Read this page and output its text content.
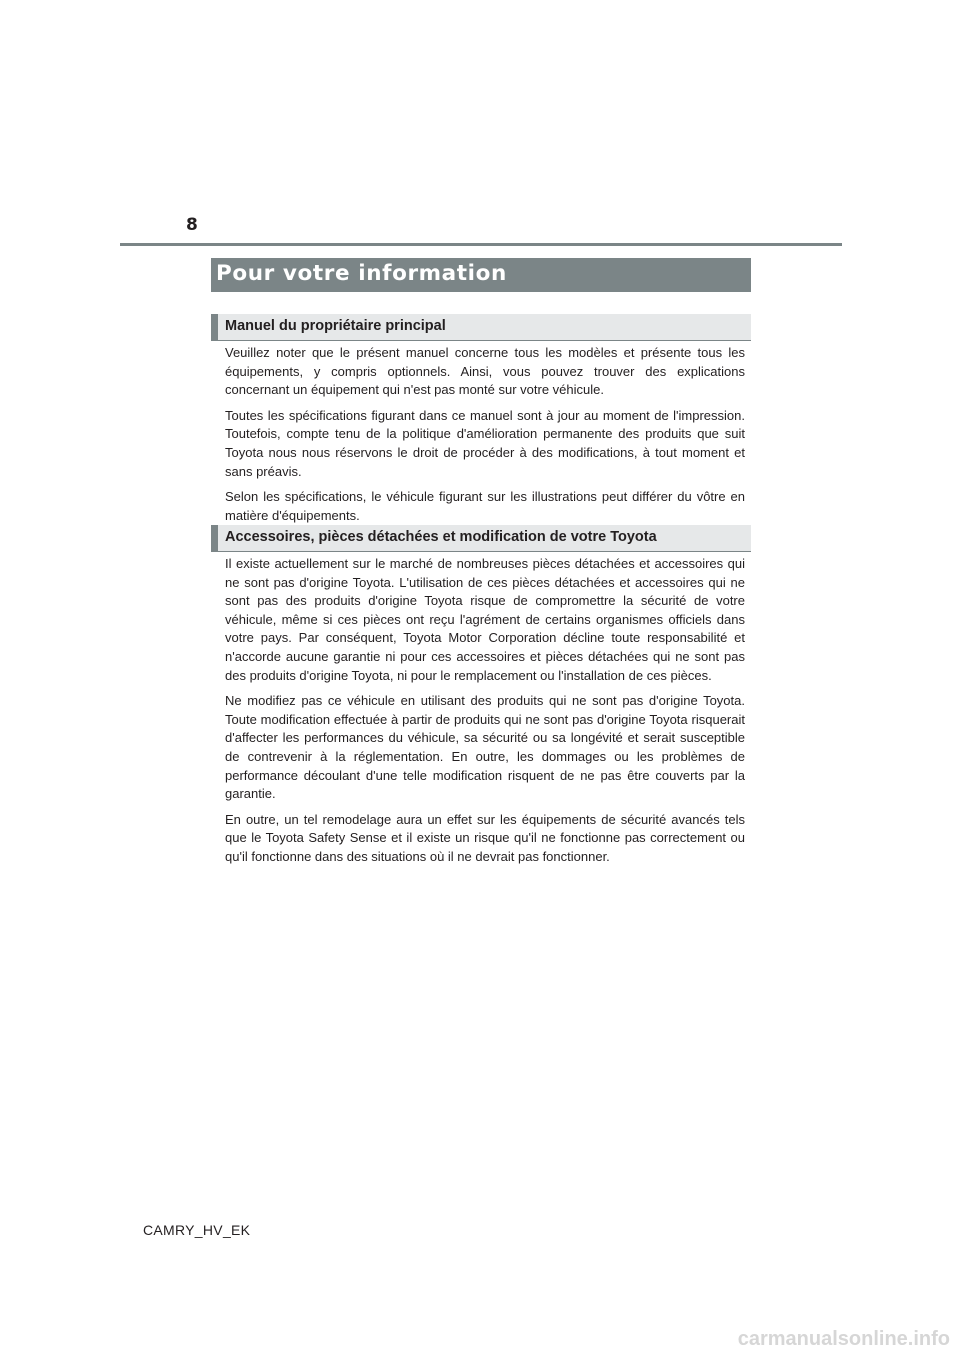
8
Pour votre information
Manuel du propriétaire principal

Veuillez noter que le présent manuel concerne tous les modèles et présente tous les équipements, y compris optionnels. Ainsi, vous pouvez trouver des explications concernant un équipement qui n'est pas monté sur votre véhicule.

Toutes les spécifications figurant dans ce manuel sont à jour au moment de l'impression. Toutefois, compte tenu de la politique d'amélioration permanente des produits que suit Toyota nous nous réservons le droit de procéder à des modifications, à tout moment et sans préavis.

Selon les spécifications, le véhicule figurant sur les illustrations peut différer du vôtre en matière d'équipements.

Accessoires, pièces détachées et modification de votre Toyota

Il existe actuellement sur le marché de nombreuses pièces détachées et accessoires qui ne sont pas d'origine Toyota. L'utilisation de ces pièces détachées et accessoires qui ne sont pas des produits d'origine Toyota risque de compromettre la sécurité de votre véhicule, même si ces pièces ont reçu l'agrément de certains organismes officiels dans votre pays. Par conséquent, Toyota Motor Corporation décline toute responsabilité et n'accorde aucune garantie ni pour ces accessoires et pièces détachées qui ne sont pas des produits d'origine Toyota, ni pour le remplacement ou l'installation de ces pièces.

Ne modifiez pas ce véhicule en utilisant des produits qui ne sont pas d'origine Toyota. Toute modification effectuée à partir de produits qui ne sont pas d'origine Toyota risquerait d'affecter les performances du véhicule, sa sécurité ou sa longévité et serait susceptible de contrevenir à la réglementation. En outre, les dommages ou les problèmes de performance découlant d'une telle modification risquent de ne pas être couverts par la garantie.

En outre, un tel remodelage aura un effet sur les équipements de sécurité avancés tels que le Toyota Safety Sense et il existe un risque qu'il ne fonctionne pas correctement ou qu'il fonctionne dans des situations où il ne devrait pas fonctionner.

CAMRY_HV_EK
carmanualsonline.info
